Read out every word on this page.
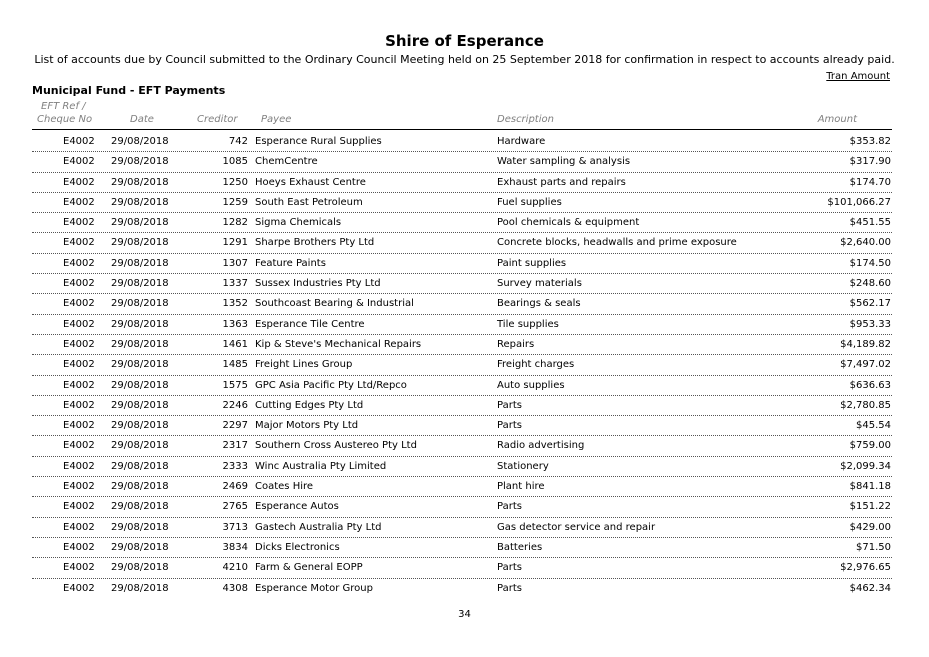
Shire of Esperance
List of accounts due by Council submitted to the Ordinary Council Meeting held on 25 September 2018 for confirmation in respect to accounts already paid.
Tran Amount
Municipal Fund - EFT Payments
EFT Ref /
Cheque No	Date	Creditor Payee	Description	Amount
E4002 29/08/2018	742 Esperance Rural Supplies	Hardware	$353.82
E4002 29/08/2018	1085 ChemCentre	Water sampling & analysis	$317.90
E4002 29/08/2018	1250 Hoeys Exhaust Centre	Exhaust parts and repairs	$174.70
E4002 29/08/2018	1259 South East Petroleum	Fuel supplies	$101,066.27
E4002 29/08/2018	1282 Sigma Chemicals	Pool chemicals & equipment	$451.55
E4002 29/08/2018	1291 Sharpe Brothers Pty Ltd	Concrete blocks, headwalls and prime exposure	$2,640.00
E4002 29/08/2018	1307 Feature Paints	Paint supplies	$174.50
E4002 29/08/2018	1337 Sussex Industries Pty Ltd	Survey materials	$248.60
E4002 29/08/2018	1352 Southcoast Bearing & Industrial	Bearings & seals	$562.17
E4002 29/08/2018	1363 Esperance Tile Centre	Tile supplies	$953.33
E4002 29/08/2018	1461 Kip & Steve's Mechanical Repairs	Repairs	$4,189.82
E4002 29/08/2018	1485 Freight Lines Group	Freight charges	$7,497.02
E4002 29/08/2018	1575 GPC Asia Pacific Pty Ltd/Repco	Auto supplies	$636.63
E4002 29/08/2018	2246 Cutting Edges Pty Ltd	Parts	$2,780.85
E4002 29/08/2018	2297 Major Motors Pty Ltd	Parts	$45.54
E4002 29/08/2018	2317 Southern Cross Austereo Pty Ltd	Radio advertising	$759.00
E4002 29/08/2018	2333 Winc Australia Pty Limited	Stationery	$2,099.34
E4002 29/08/2018	2469 Coates Hire	Plant hire	$841.18
E4002 29/08/2018	2765 Esperance Autos	Parts	$151.22
E4002 29/08/2018	3713 Gastech Australia Pty Ltd	Gas detector service and repair	$429.00
E4002 29/08/2018	3834 Dicks Electronics	Batteries	$71.50
E4002 29/08/2018	4210 Farm & General EOPP	Parts	$2,976.65
E4002 29/08/2018	4308 Esperance Motor Group	Parts	$462.34
34
